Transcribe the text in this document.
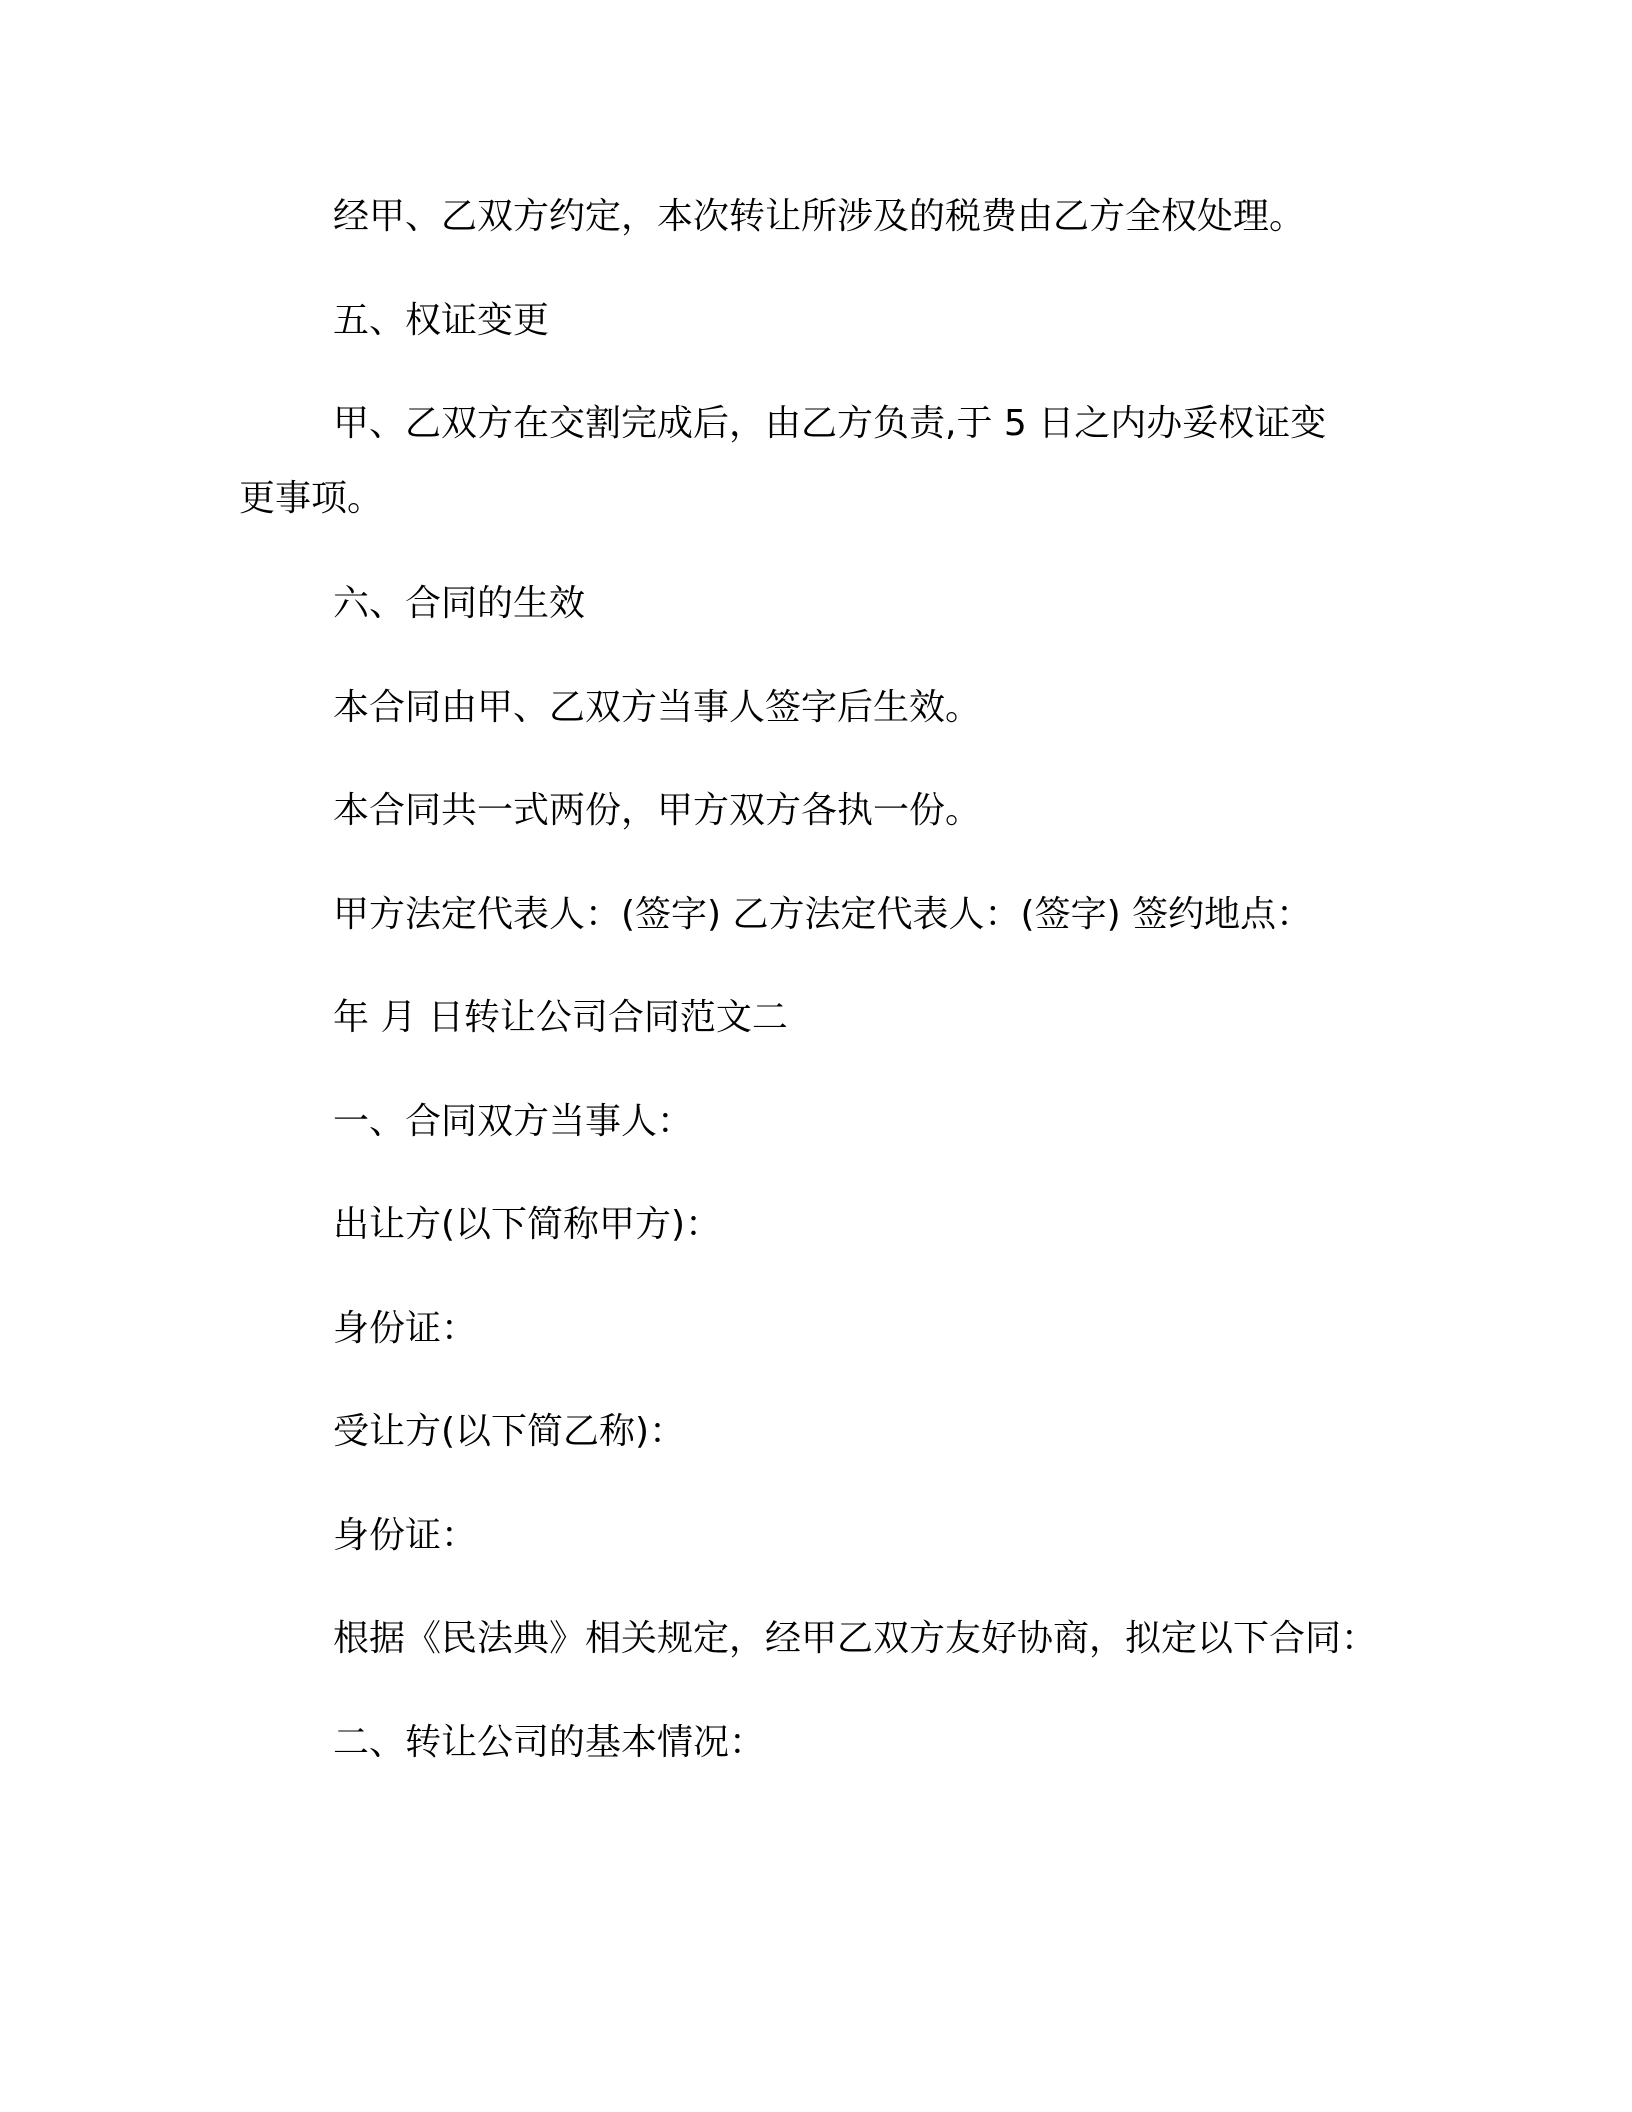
经甲、乙双方约定，本次转让所涉及的税费由乙方全权处理。

五、权证变更

甲、乙双方在交割完成后，由乙方负责,于 5 日之内办妥权证变

更事项。

六、合同的生效

本合同由甲、乙双方当事人签字后生效。

本合同共一式两份，甲方双方各执一份。

甲方法定代表人：(签字) 乙方法定代表人：(签字) 签约地点：

年 月 日转让公司合同范文二

一、合同双方当事人：

出让方(以下简称甲方)：

身份证：

受让方(以下简乙称)：

身份证：

根据《民法典》相关规定，经甲乙双方友好协商，拟定以下合同：

二、转让公司的基本情况：
